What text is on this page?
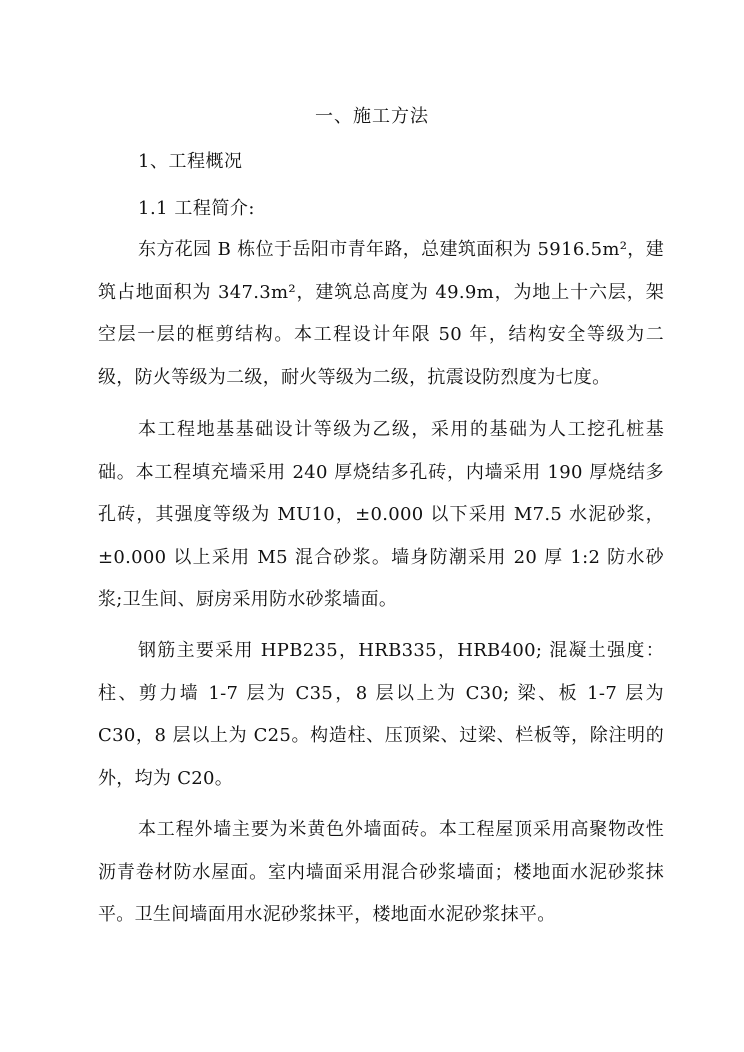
一、施工方法
1、工程概况
1.1 工程简介:

东方花园 B 栋位于岳阳市青年路，总建筑面积为 5916.5m²，建筑占地面积为 347.3m²，建筑总高度为 49.9m，为地上十六层，架空层一层的框剪结构。本工程设计年限 50 年，结构安全等级为二级，防火等级为二级，耐火等级为二级，抗震设防烈度为七度。

本工程地基基础设计等级为乙级，采用的基础为人工挖孔桩基础。本工程填充墙采用 240 厚烧结多孔砖，内墙采用 190 厚烧结多孔砖，其强度等级为 MU10，±0.000 以下采用 M7.5 水泥砂浆，±0.000 以上采用 M5 混合砂浆。墙身防潮采用 20 厚 1:2 防水砂浆;卫生间、厨房采用防水砂浆墙面。

钢筋主要采用 HPB235，HRB335，HRB400; 混凝土强度：柱、剪力墙 1-7 层为 C35，8 层以上为 C30; 梁、板 1-7 层为 C30，8 层以上为 C25。构造柱、压顶梁、过梁、栏板等，除注明的外，均为 C20。

本工程外墙主要为米黄色外墙面砖。本工程屋顶采用高聚物改性沥青卷材防水屋面。室内墙面采用混合砂浆墙面；楼地面水泥砂浆抹平。卫生间墙面用水泥砂浆抹平，楼地面水泥砂浆抹平。
